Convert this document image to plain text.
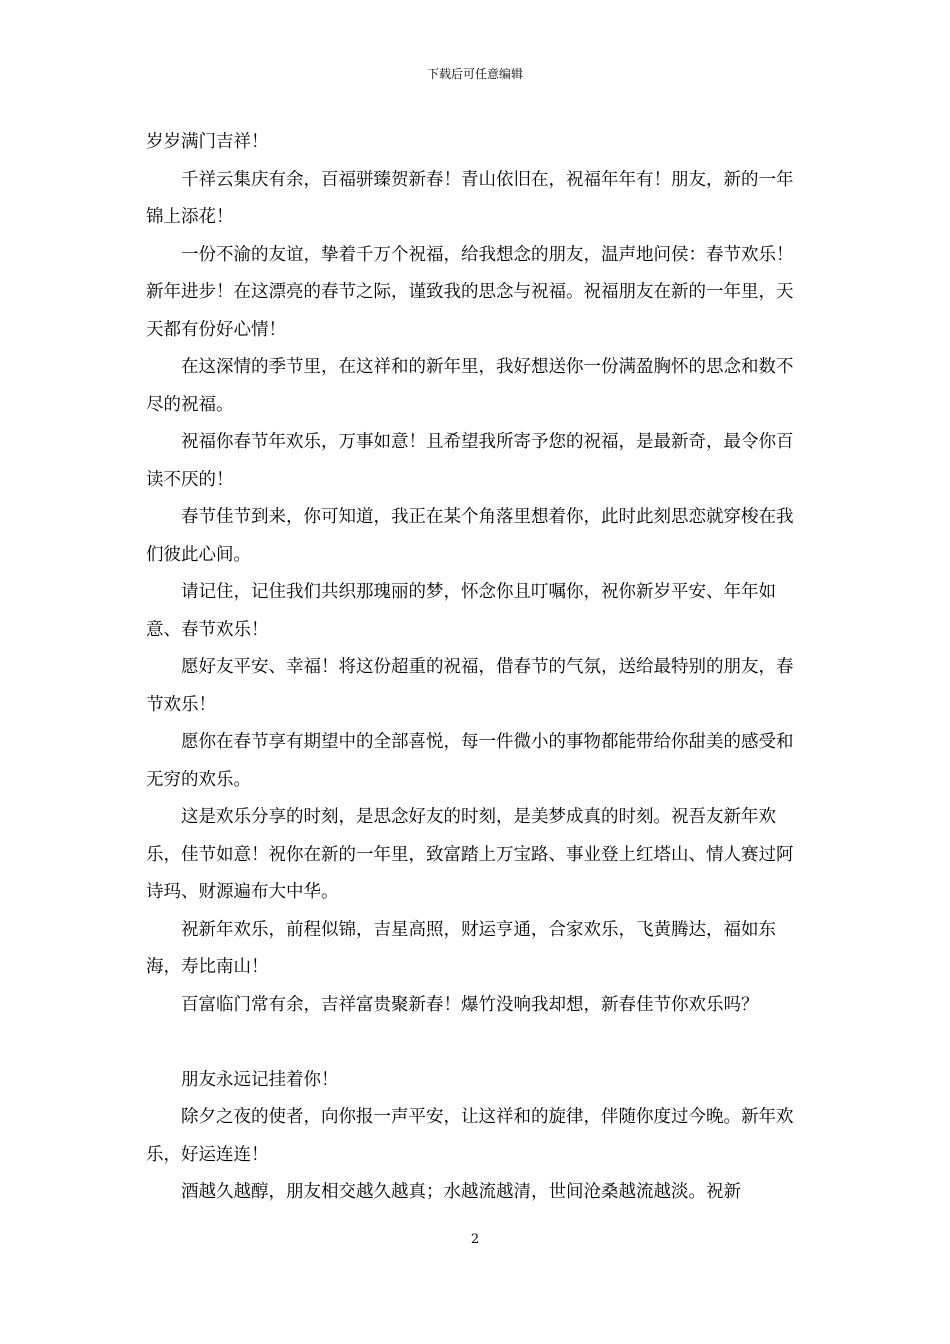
下载后可任意编辑

岁岁满门吉祥！

千祥云集庆有余，百福骈臻贺新春！青山依旧在，祝福年年有！朋友，新的一年锦上添花！

一份不渝的友谊，挚着千万个祝福，给我想念的朋友，温声地问侯：春节欢乐！新年进步！在这漂亮的春节之际，谨致我的思念与祝福。祝福朋友在新的一年里，天天都有份好心情！

在这深情的季节里，在这祥和的新年里，我好想送你一份满盈胸怀的思念和数不尽的祝福。

祝福你春节年欢乐，万事如意！且希望我所寄予您的祝福，是最新奇，最令你百读不厌的！

春节佳节到来，你可知道，我正在某个角落里想着你，此时此刻思恋就穿梭在我们彼此心间。

请记住，记住我们共织那瑰丽的梦，怀念你且叮嘱你，祝你新岁平安、年年如意、春节欢乐！

愿好友平安、幸福！将这份超重的祝福，借春节的气氛，送给最特别的朋友，春节欢乐！

愿你在春节享有期望中的全部喜悦，每一件微小的事物都能带给你甜美的感受和无穷的欢乐。

这是欢乐分享的时刻，是思念好友的时刻，是美梦成真的时刻。祝吾友新年欢乐，佳节如意！祝你在新的一年里，致富踏上万宝路、事业登上红塔山、情人赛过阿诗玛、财源遍布大中华。

祝新年欢乐，前程似锦，吉星高照，财运亨通，合家欢乐，飞黄腾达，福如东海，寿比南山！

百富临门常有余，吉祥富贵聚新春！爆竹没响我却想，新春佳节你欢乐吗？

朋友永远记挂着你！

除夕之夜的使者，向你报一声平安，让这祥和的旋律，伴随你度过今晚。新年欢乐，好运连连！

酒越久越醇，朋友相交越久越真；水越流越清，世间沧桑越流越淡。祝新

2
